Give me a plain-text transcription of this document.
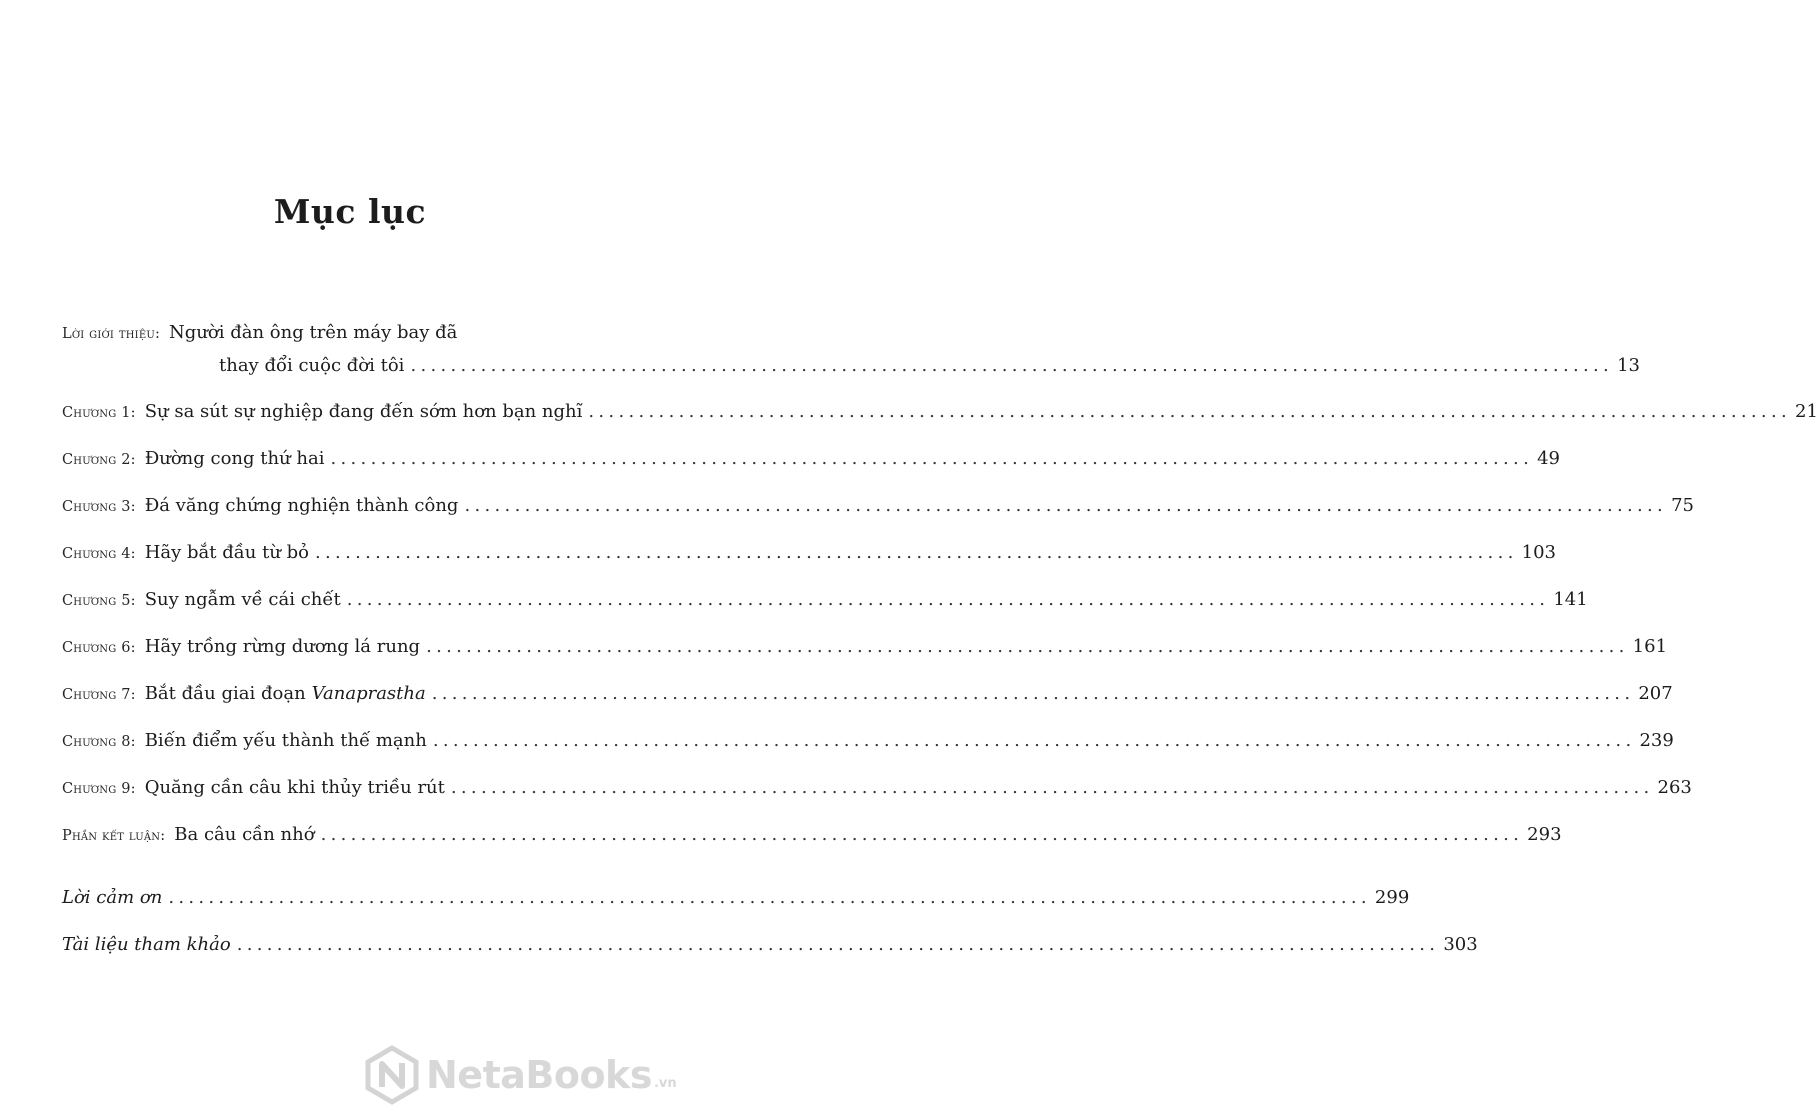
Mục lục
Lời giới thiệu: Người đàn ông trên máy bay đã
thay đổi cuộc đời tôi ........................................................................................................................ 13
Chương 1: Sự sa sút sự nghiệp đang đến sớm hơn bạn nghĩ ........................................................................................................................ 21
Chương 2: Đường cong thứ hai ........................................................................................................................ 49
Chương 3: Đá văng chứng nghiện thành công ........................................................................................................................ 75
Chương 4: Hãy bắt đầu từ bỏ ........................................................................................................................ 103
Chương 5: Suy ngẫm về cái chết ........................................................................................................................ 141
Chương 6: Hãy trồng rừng dương lá rung ........................................................................................................................ 161
Chương 7: Bắt đầu giai đoạn Vanaprastha ........................................................................................................................ 207
Chương 8: Biến điểm yếu thành thế mạnh ........................................................................................................................ 239
Chương 9: Quăng cần câu khi thủy triều rút ........................................................................................................................ 263
Phần kết luận: Ba câu cần nhớ ........................................................................................................................ 293
Lời cảm ơn ........................................................................................................................ 299
Tài liệu tham khảo ........................................................................................................................ 303
NetaBooks .vn
